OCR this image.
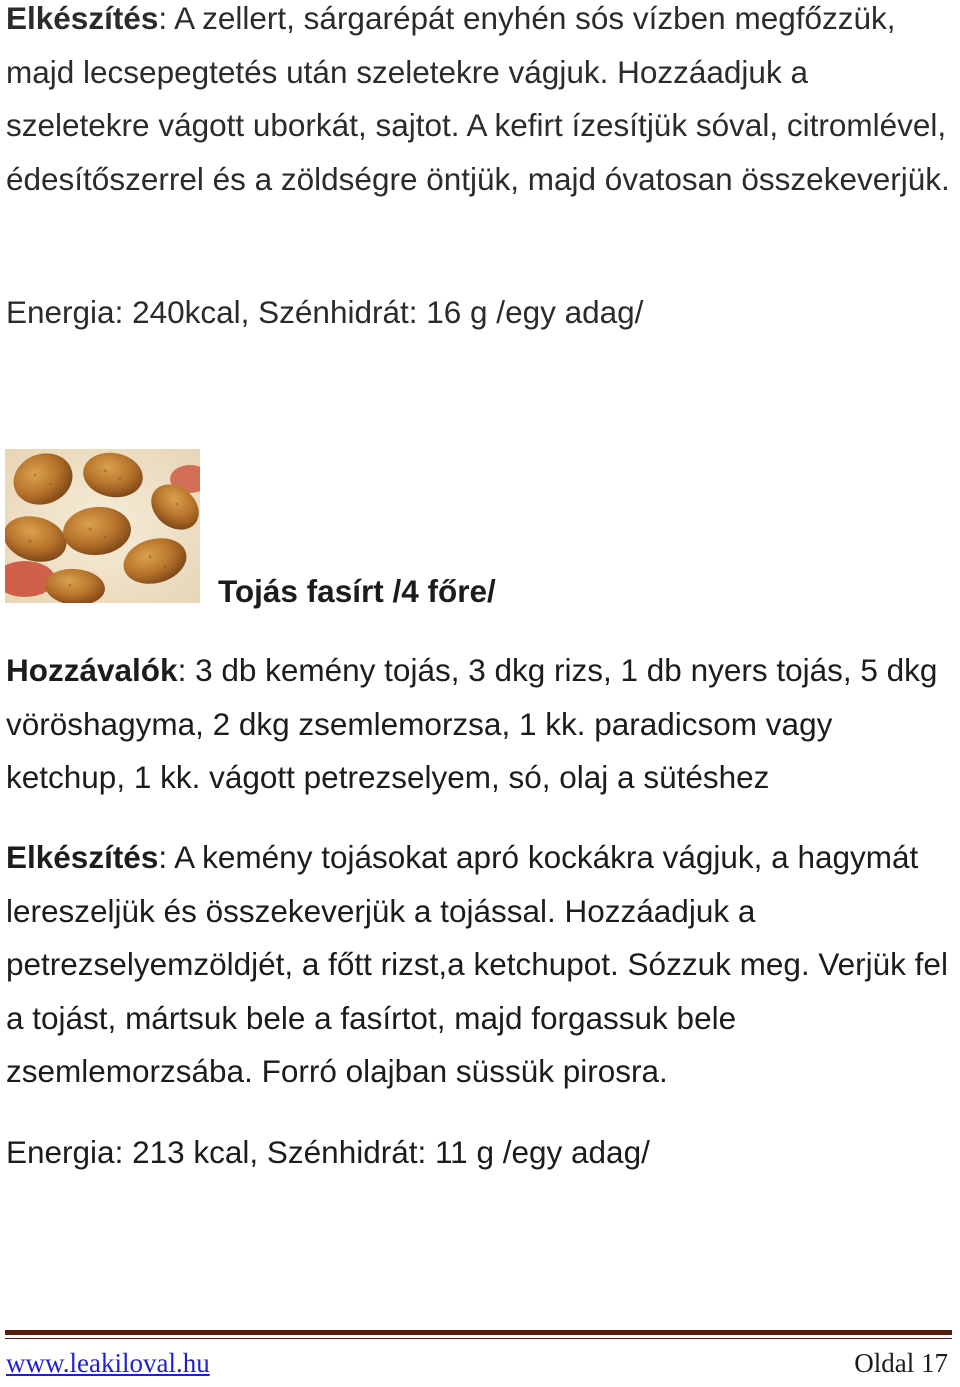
Elkészítés: A zellert, sárgarépát enyhén sós vízben megfőzzük, majd lecsepegtetés után szeletekre vágjuk. Hozzáadjuk a szeletekre vágott uborkát, sajtot. A kefirt ízesítjük sóval, citromlével, édesítőszerrel és a zöldségre öntjük, majd óvatosan összekeverjük.

Energia: 240kcal, Szénhidrát: 16 g /egy adag/

Tojás fasírt /4 főre/

Hozzávalók: 3 db kemény tojás, 3 dkg rizs, 1 db nyers tojás, 5 dkg vöröshagyma, 2 dkg zsemlemorzsa, 1 kk. paradicsom vagy ketchup, 1 kk. vágott petrezselyem, só, olaj a sütéshez

Elkészítés: A kemény tojásokat apró kockákra vágjuk, a hagymát lereszeljük és összekeverjük a tojással. Hozzáadjuk a petrezselyemzöldjét, a főtt rizst,a ketchupot. Sózzuk meg. Verjük fel a tojást, mártsuk bele a fasírtot, majd forgassuk bele zsemlemorzsába. Forró olajban süssük pirosra.

Energia: 213 kcal, Szénhidrát: 11 g /egy adag/

www.leakiloval.hu	Oldal 17
